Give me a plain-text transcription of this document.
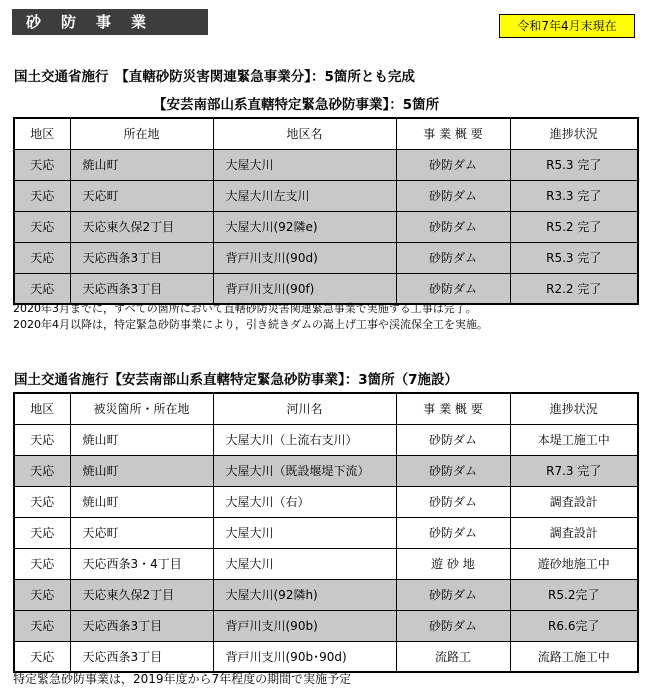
砂防事業	令和7年4月末現在
国土交通省施行　【直轄砂防災害関連緊急事業分】：5箇所とも完成
【安芸南部山系直轄特定緊急砂防事業】：5箇所
地区	所在地	地区名	事 業 概 要	進捗状況
天応	焼山町	大屋大川	砂防ダム	R5.3 完了
天応	天応町	大屋大川左支川	砂防ダム	R3.3 完了
天応	天応東久保2丁目	大屋大川(92隣e)	砂防ダム	R5.2 完了
天応	天応西条3丁目	背戸川支川(90d)	砂防ダム	R5.3 完了
天応	天応西条3丁目	背戸川支川(90f)	砂防ダム	R2.2 完了
2020年3月までに，すべての箇所において直轄砂防災害関連緊急事業で実施する工事は完了。
2020年4月以降は，特定緊急砂防事業により，引き続きダムの嵩上げ工事や渓流保全工を実施。
国土交通省施行【安芸南部山系直轄特定緊急砂防事業】：3箇所（7施設）
地区	被災箇所・所在地	河川名	事 業 概 要	進捗状況
天応	焼山町	大屋大川（上流右支川）	砂防ダム	本堤工施工中
天応	焼山町	大屋大川（既設堰堤下流）	砂防ダム	R7.3 完了
天応	焼山町	大屋大川（右）	砂防ダム	調査設計
天応	天応町	大屋大川	砂防ダム	調査設計
天応	天応西条3・4丁目	大屋大川	遊 砂 地	遊砂地施工中
天応	天応東久保2丁目	大屋大川(92隣h)	砂防ダム	R5.2完了
天応	天応西条3丁目	背戸川支川(90b)	砂防ダム	R6.6完了
天応	天応西条3丁目	背戸川支川(90b･90d)	流路工	流路工施工中
特定緊急砂防事業は，2019年度から7年程度の期間で実施予定
